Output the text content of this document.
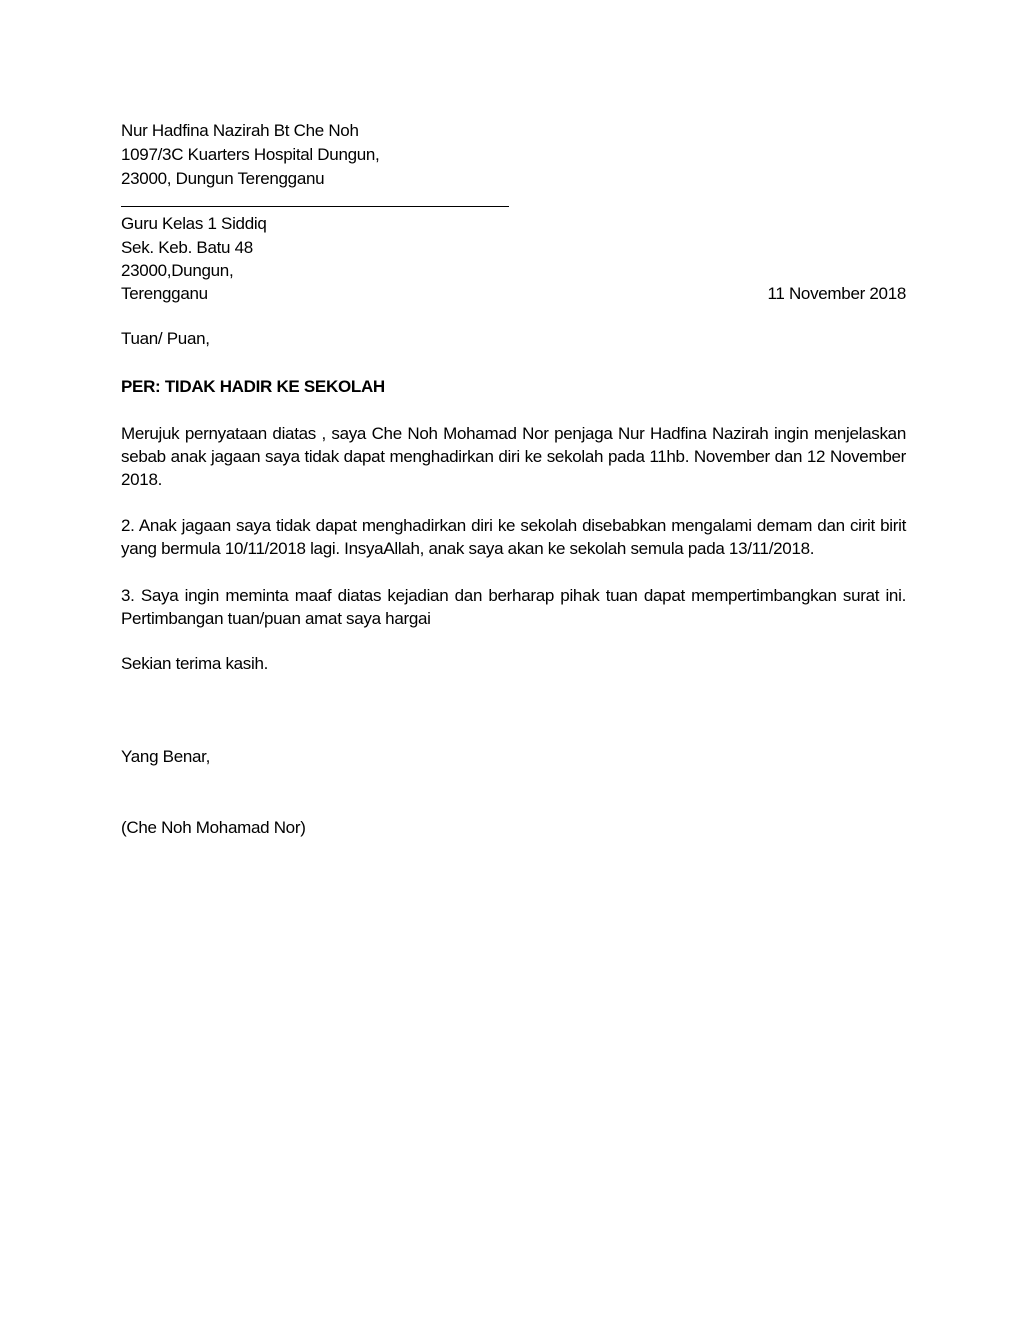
Nur Hadfina Nazirah Bt Che Noh
1097/3C Kuarters Hospital Dungun,
23000, Dungun Terengganu
Guru Kelas 1 Siddiq
Sek. Keb. Batu 48
23000,Dungun,
Terengganu	11 November 2018
Tuan/ Puan,
PER: TIDAK HADIR KE SEKOLAH

Merujuk pernyataan diatas , saya Che Noh Mohamad Nor penjaga Nur Hadfina Nazirah ingin menjelaskan sebab anak jagaan saya tidak dapat menghadirkan diri ke sekolah pada 11hb. November dan 12 November 2018.

2. Anak jagaan saya tidak dapat menghadirkan diri ke sekolah disebabkan mengalami demam dan cirit birit yang bermula 10/11/2018 lagi. InsyaAllah, anak saya akan ke sekolah semula pada 13/11/2018.

3. Saya ingin meminta maaf diatas kejadian dan berharap pihak tuan dapat mempertimbangkan surat ini. Pertimbangan tuan/puan amat saya hargai

Sekian terima kasih.
Yang Benar,
(Che Noh Mohamad Nor)
